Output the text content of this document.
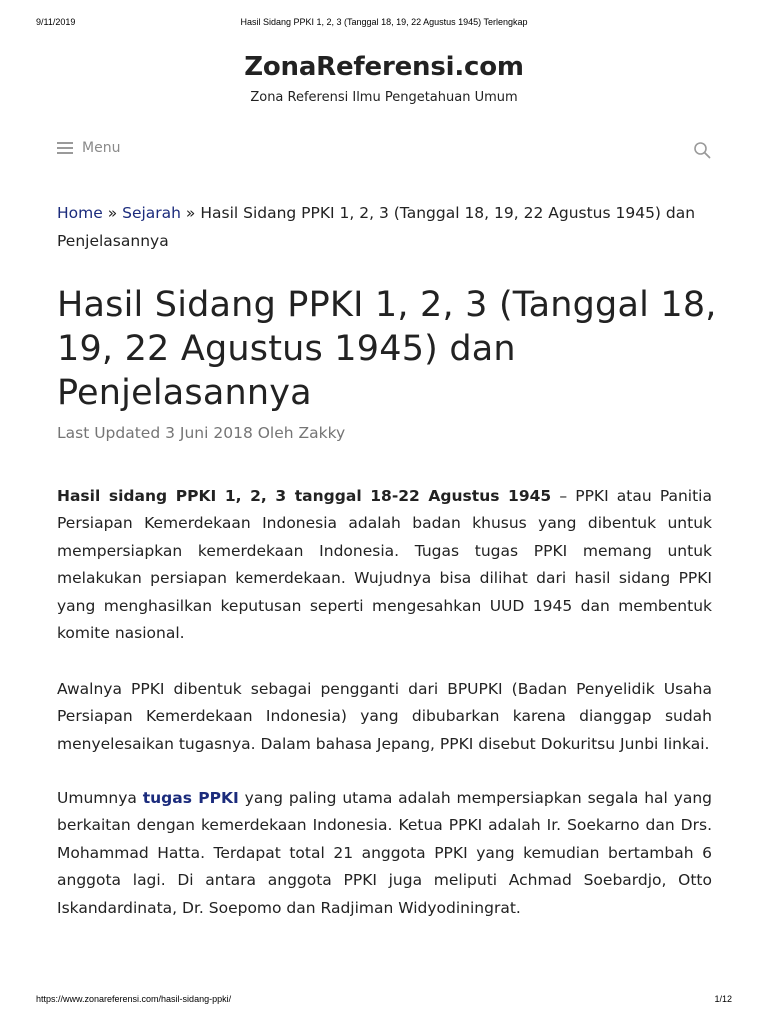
9/11/2019	Hasil Sidang PPKI 1, 2, 3 (Tanggal 18, 19, 22 Agustus 1945) Terlengkap
ZonaReferensi.com
Zona Referensi Ilmu Pengetahuan Umum
Menu
Home » Sejarah » Hasil Sidang PPKI 1, 2, 3 (Tanggal 18, 19, 22 Agustus 1945) dan Penjelasannya
Hasil Sidang PPKI 1, 2, 3 (Tanggal 18, 19, 22 Agustus 1945) dan Penjelasannya
Last Updated 3 Juni 2018 Oleh Zakky

Hasil sidang PPKI 1, 2, 3 tanggal 18-22 Agustus 1945 – PPKI atau Panitia Persiapan Kemerdekaan Indonesia adalah badan khusus yang dibentuk untuk mempersiapkan kemerdekaan Indonesia. Tugas tugas PPKI memang untuk melakukan persiapan kemerdekaan. Wujudnya bisa dilihat dari hasil sidang PPKI yang menghasilkan keputusan seperti mengesahkan UUD 1945 dan membentuk komite nasional.

Awalnya PPKI dibentuk sebagai pengganti dari BPUPKI (Badan Penyelidik Usaha Persiapan Kemerdekaan Indonesia) yang dibubarkan karena dianggap sudah menyelesaikan tugasnya. Dalam bahasa Jepang, PPKI disebut Dokuritsu Junbi Iinkai.

Umumnya tugas PPKI yang paling utama adalah mempersiapkan segala hal yang berkaitan dengan kemerdekaan Indonesia. Ketua PPKI adalah Ir. Soekarno dan Drs. Mohammad Hatta. Terdapat total 21 anggota PPKI yang kemudian bertambah 6 anggota lagi. Di antara anggota PPKI juga meliputi Achmad Soebardjo, Otto Iskandardinata, Dr. Soepomo dan Radjiman Widyodiningrat.

https://www.zonareferensi.com/hasil-sidang-ppki/	1/12
